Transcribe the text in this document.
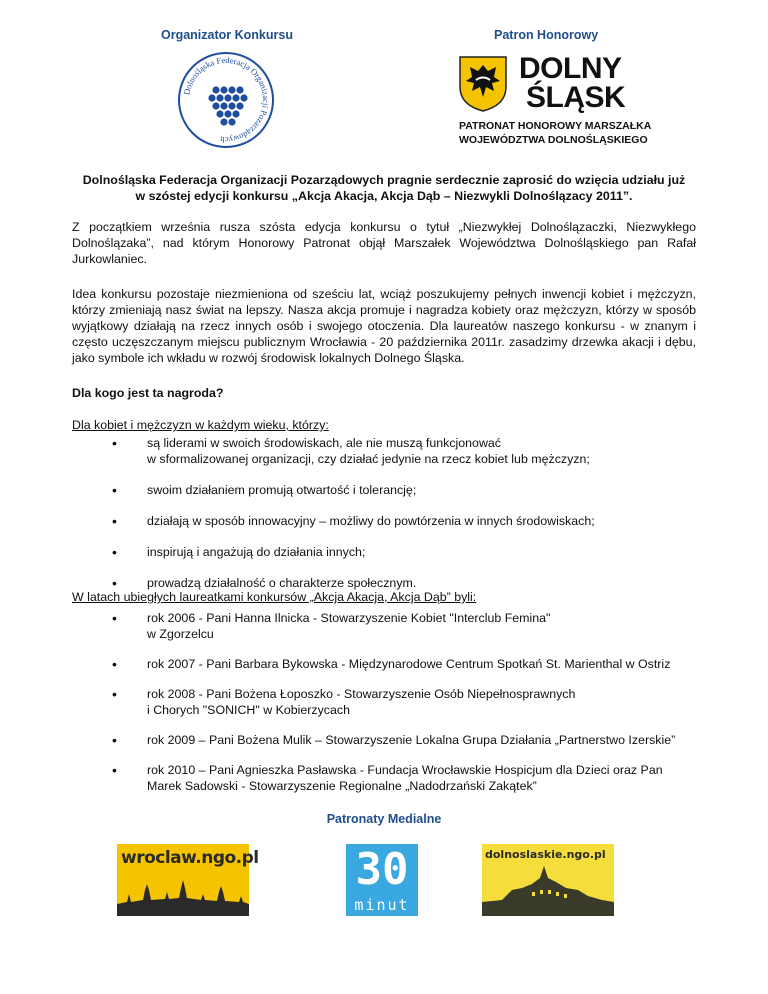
Organizator Konkursu	Patron Honorowy
Dolnośląska Federacja Organizacji Pozarządowych
DOLNY
ŚLĄSK
PATRONAT HONOROWY MARSZAŁKA
WOJEWÓDZTWA DOLNOŚLĄSKIEGO
Dolnośląska Federacja Organizacji Pozarządowych pragnie serdecznie zaprosić do wzięcia udziału już
w szóstej edycji konkursu „Akcja Akacja, Akcja Dąb – Niezwykli Dolnoślązacy 2011”.
Z początkiem września rusza szósta edycja konkursu o tytuł „Niezwykłej Dolnoślązaczki, Niezwykłego Dolnoślązaka”, nad którym Honorowy Patronat objął Marszałek Województwa Dolnośląskiego pan Rafał Jurkowlaniec.
Idea konkursu pozostaje niezmieniona od sześciu lat, wciąż poszukujemy pełnych inwencji kobiet i mężczyzn, którzy zmieniają nasz świat na lepszy. Nasza akcja promuje i nagradza kobiety oraz mężczyzn, którzy w sposób wyjątkowy działają na rzecz innych osób i swojego otoczenia. Dla laureatów naszego konkursu - w znanym i często uczęszczanym miejscu publicznym Wrocławia - 20 października 2011r. zasadzimy drzewka akacji i dębu, jako symbole ich wkładu w rozwój środowisk lokalnych Dolnego Śląska.
Dla kogo jest ta nagroda?
Dla kobiet i mężczyzn w każdym wieku, którzy:
• są liderami w swoich środowiskach, ale nie muszą funkcjonować
w sformalizowanej organizacji, czy działać jedynie na rzecz kobiet lub mężczyzn;
• swoim działaniem promują otwartość i tolerancję;
• działają w sposób innowacyjny – możliwy do powtórzenia w innych środowiskach;
• inspirują i angażują do działania innych;
• prowadzą działalność o charakterze społecznym.
W latach ubiegłych laureatkami konkursów „Akcja Akacja, Akcja Dąb” byli:
• rok 2006 - Pani Hanna Ilnicka - Stowarzyszenie Kobiet "Interclub Femina"
w Zgorzelcu
• rok 2007 - Pani Barbara Bykowska - Międzynarodowe Centrum Spotkań St. Marienthal w Ostriz
• rok 2008 - Pani Bożena Łoposzko - Stowarzyszenie Osób Niepełnosprawnych
i Chorych "SONICH" w Kobierzycach
• rok 2009 – Pani Bożena Mulik – Stowarzyszenie Lokalna Grupa Działania „Partnerstwo Izerskie”
• rok 2010 – Pani Agnieszka Pasławska - Fundacja Wrocławskie Hospicjum dla Dzieci oraz Pan
Marek Sadowski - Stowarzyszenie Regionalne „Nadodrzański Zakątek”
Patronaty Medialne
wroclaw.ngo.pl 30
minut
dolnoslaskie.ngo.pl
